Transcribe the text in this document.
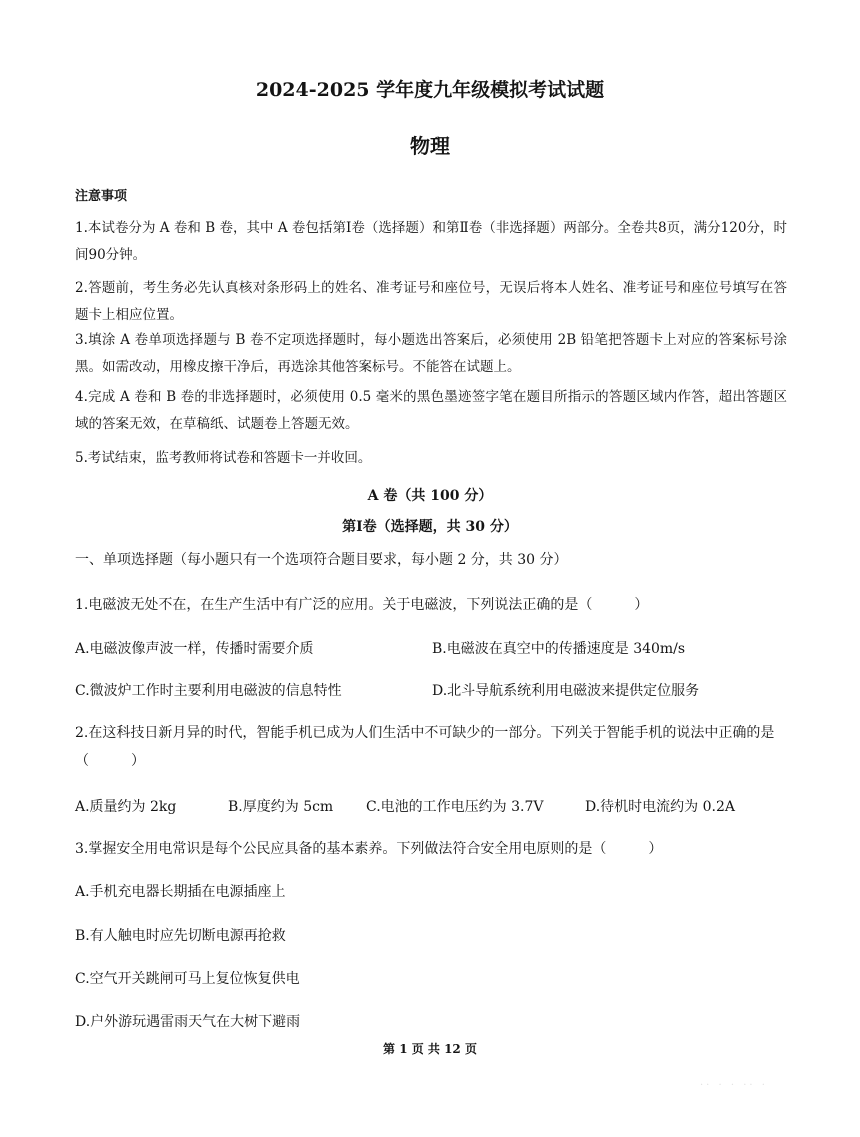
2024-2025 学年度九年级模拟考试试题
物理
注意事项
1.本试卷分为 A 卷和 B 卷，其中 A 卷包括第Ⅰ卷（选择题）和第Ⅱ卷（非选择题）两部分。全卷共8页，满分120分，时间90分钟。
2.答题前，考生务必先认真核对条形码上的姓名、准考证号和座位号，无误后将本人姓名、准考证号和座位号填写在答题卡上相应位置。
3.填涂 A 卷单项选择题与 B 卷不定项选择题时，每小题选出答案后，必须使用 2B 铅笔把答题卡上对应的答案标号涂黑。如需改动，用橡皮擦干净后，再选涂其他答案标号。不能答在试题上。
4.完成 A 卷和 B 卷的非选择题时，必须使用 0.5 毫米的黑色墨迹签字笔在题目所指示的答题区域内作答，超出答题区域的答案无效，在草稿纸、试题卷上答题无效。
5.考试结束，监考教师将试卷和答题卡一并收回。
A 卷（共 100 分）
第Ⅰ卷（选择题，共 30 分）
一、单项选择题（每小题只有一个选项符合题目要求，每小题 2 分，共 30 分）
1.电磁波无处不在，在生产生活中有广泛的应用。关于电磁波，下列说法正确的是（　　　）
A.电磁波像声波一样，传播时需要介质	B.电磁波在真空中的传播速度是 340m/s
C.微波炉工作时主要利用电磁波的信息特性	D.北斗导航系统利用电磁波来提供定位服务
2.在这科技日新月异的时代，智能手机已成为人们生活中不可缺少的一部分。下列关于智能手机的说法中正确的是（　　　）
A.质量约为 2kg	B.厚度约为 5cm C.电池的工作电压约为 3.7V	D.待机时电流约为 0.2A
3.掌握安全用电常识是每个公民应具备的基本素养。下列做法符合安全用电原则的是（　　　）
A.手机充电器长期插在电源插座上
B.有人触电时应先切断电源再抢救
C.空气开关跳闸可马上复位恢复供电
D.户外游玩遇雷雨天气在大树下避雨
第 1 页 共 12 页
·· · · ·· ·
